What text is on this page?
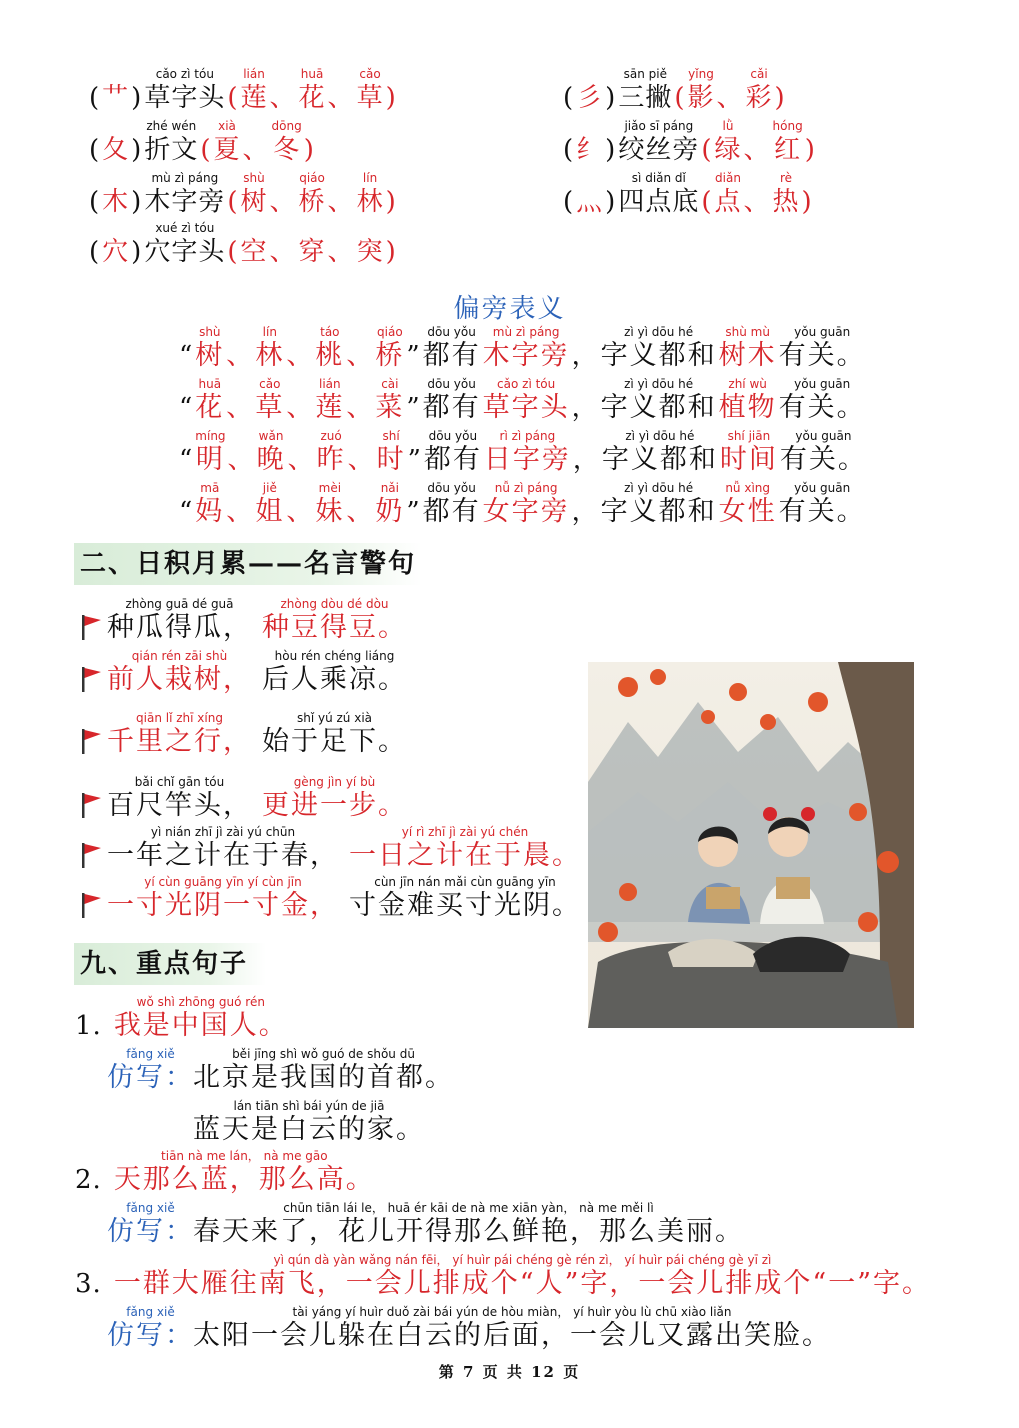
( 艹 )
cǎo zì tóu
草字头 (
lián
莲 、
huā
花 、
cǎo
草 )
( 夂 )
zhé wén
折文 (
xià
夏 、
dōng
冬 )
( 木 )
mù zì páng
木字旁 (
shù
树 、
qiáo
桥 、
lín
林 )
( 穴 )
xué zì tóu
穴字头 ( 空 、 穿 、 突 )
( 彡 )
sān piě
三撇 (
yǐng
影 、
cǎi
彩 )
( 纟 )
jiǎo sī páng
绞丝旁 (
lǜ
绿 、
hóng
红 )
( 灬 )
sì diǎn dǐ
四点底 (
diǎn
点 、
rè
热 )
偏旁表义
“
shù
树 、
lín
林 、
táo
桃 、
qiáo
桥 ”
dōu yǒu
都有
mù zì páng
木字旁 ，
zì yì dōu hé
字义都和
shù mù
树木
yǒu guān
有关。
“
huā
花 、
cǎo
草 、
lián
莲 、
cài
菜 ”
dōu yǒu
都有
cǎo zì tóu
草字头 ，
zì yì dōu hé
字义都和
zhí wù
植物
yǒu guān
有关。
“
míng
明 、
wǎn
晚 、
zuó
昨 、
shí
时 ”
dōu yǒu
都有
rì zì páng
日字旁 ，
zì yì dōu hé
字义都和
shí jiān
时间
yǒu guān
有关。
“
mā
妈 、
jiě
姐 、
mèi
妹 、
nǎi
奶 ”
dōu yǒu
都有
nǚ zì páng
女字旁 ，
zì yì dōu hé
字义都和
nǚ xìng
女性
yǒu guān
有关。
二、日积月累——名言警句
zhòng guā dé guā
种瓜得瓜，
zhòng dòu dé dòu
种豆得豆。
qián rén zāi shù
前人栽树，
hòu rén chéng liáng
后人乘凉。
qiān lǐ zhī xíng
千里之行，
shǐ yú zú xià
始于足下。
bǎi chǐ gān tóu
百尺竿头，
gèng jìn yí bù
更进一步。
yì nián zhī jì zài yú chūn
一年之计在于春，
yí rì zhī jì zài yú chén
一日之计在于晨。
yí cùn guāng yīn yí cùn jīn
一寸光阴一寸金，
cùn jīn nán mǎi cùn guāng yīn
寸金难买寸光阴。
九、重点句子
1.
wǒ shì zhōng guó rén
我是中国人。
fǎng xiě
仿写：
běi jīng shì wǒ guó de shǒu dū
北京是我国的首都。
lán tiān shì bái yún de jiā
蓝天是白云的家。
2.
tiān nà me lán， nà me gāo
天那么蓝，那么高。
fǎng xiě
仿写：
chūn tiān lái le， huā ér kāi de nà me xiān yàn， nà me měi lì
春天来了，花儿开得那么鲜艳，那么美丽。
3.
yì qún dà yàn wǎng nán fēi， yí huìr pái chéng gè rén zì， yí huìr pái chéng gè yī zì
一群大雁往南飞，一会儿排成个“人”字，一会儿排成个“一”字。
fǎng xiě
仿写：
tài yáng yí huìr duǒ zài bái yún de hòu miàn， yí huìr yòu lù chū xiào liǎn
太阳一会儿躲在白云的后面，一会儿又露出笑脸。
第 7 页 共 12 页
